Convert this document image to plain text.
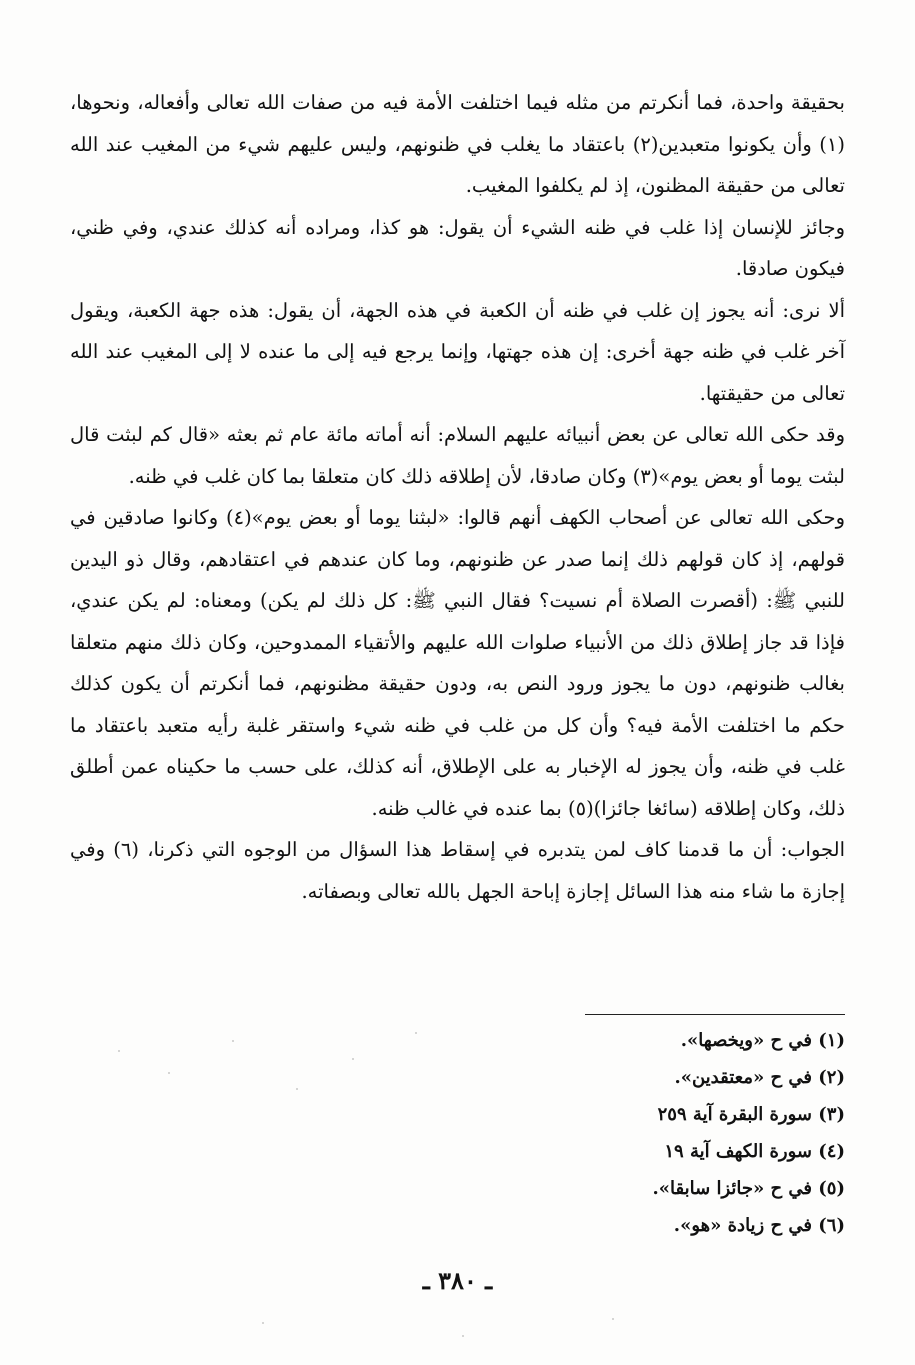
بحقيقة واحدة، فما أنكرتم من مثله فيما اختلفت الأمة فيه من صفات الله تعالى وأفعاله، ونحوها، (١) وأن يكونوا متعبدين(٢) باعتقاد ما يغلب في ظنونهم، وليس عليهم شيء من المغيب عند الله تعالى من حقيقة المظنون، إذ لم يكلفوا المغيب.

وجائز للإنسان إذا غلب في ظنه الشيء أن يقول: هو كذا، ومراده أنه كذلك عندي، وفي ظني، فيكون صادقا.

ألا نرى: أنه يجوز إن غلب في ظنه أن الكعبة في هذه الجهة، أن يقول: هذه جهة الكعبة، ويقول آخر غلب في ظنه جهة أخرى: إن هذه جهتها، وإنما يرجع فيه إلى ما عنده لا إلى المغيب عند الله تعالى من حقيقتها.

وقد حكى الله تعالى عن بعض أنبيائه عليهم السلام: أنه أماته مائة عام ثم بعثه «قال كم لبثت قال لبثت يوما أو بعض يوم»(٣) وكان صادقا، لأن إطلاقه ذلك كان متعلقا بما كان غلب في ظنه.

وحكى الله تعالى عن أصحاب الكهف أنهم قالوا: «لبثنا يوما أو بعض يوم»(٤) وكانوا صادقين في قولهم، إذ كان قولهم ذلك إنما صدر عن ظنونهم، وما كان عندهم في اعتقادهم، وقال ذو اليدين للنبي ﷺ: (أقصرت الصلاة أم نسيت؟ فقال النبي ﷺ: كل ذلك لم يكن) ومعناه: لم يكن عندي، فإذا قد جاز إطلاق ذلك من الأنبياء صلوات الله عليهم والأتقياء الممدوحين، وكان ذلك منهم متعلقا بغالب ظنونهم، دون ما يجوز ورود النص به، ودون حقيقة مظنونهم، فما أنكرتم أن يكون كذلك حكم ما اختلفت الأمة فيه؟ وأن كل من غلب في ظنه شيء واستقر غلبة رأيه متعبد باعتقاد ما غلب في ظنه، وأن يجوز له الإخبار به على الإطلاق، أنه كذلك، على حسب ما حكيناه عمن أطلق ذلك، وكان إطلاقه (سائغا جائزا)(٥) بما عنده في غالب ظنه.

الجواب: أن ما قدمنا كاف لمن يتدبره في إسقاط هذا السؤال من الوجوه التي ذكرنا، (٦) وفي إجازة ما شاء منه هذا السائل إجازة إباحة الجهل بالله تعالى وبصفاته.

(١) في ح «ويخصها».
(٢) في ح «معتقدين».
(٣) سورة البقرة آية ٢٥٩
(٤) سورة الكهف آية ١٩
(٥) في ح «جائزا سابقا».
(٦) في ح زيادة «هو».
ـ ٣٨٠ ـ
